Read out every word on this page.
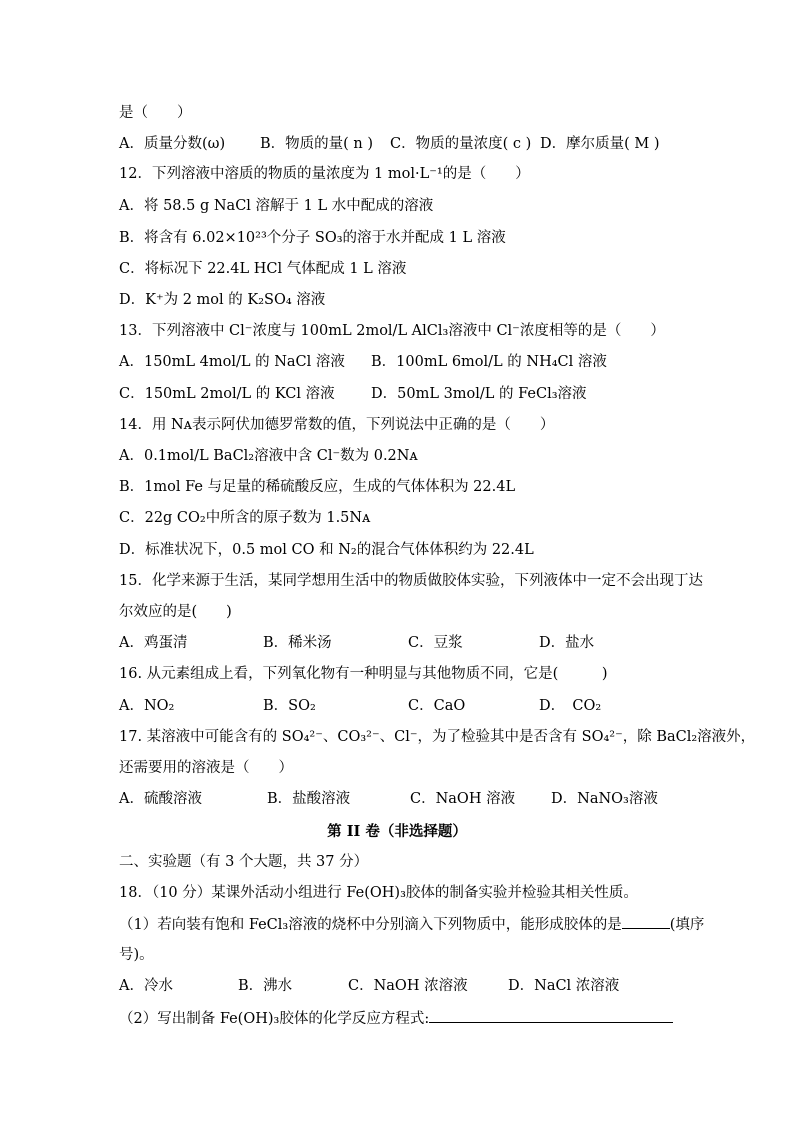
是（　　）
A．质量分数(ω) B．物质的量( n ) C．物质的量浓度( c ) D．摩尔质量( M )
12．下列溶液中溶质的物质的量浓度为 1 mol·L⁻¹的是（　　）
A．将 58.5 g NaCl 溶解于 1 L 水中配成的溶液
B．将含有 6.02×10²³个分子 SO₃的溶于水并配成 1 L 溶液
C．将标况下 22.4L HCl 气体配成 1 L 溶液
D．K⁺为 2 mol 的 K₂SO₄ 溶液
13．下列溶液中 Cl⁻浓度与 100mL 2mol/L AlCl₃溶液中 Cl⁻浓度相等的是（　　）
A．150mL 4mol/L 的 NaCl 溶液 B．100mL 6mol/L 的 NH₄Cl 溶液
C．150mL 2mol/L 的 KCl 溶液	D．50mL 3mol/L 的 FeCl₃溶液
14．用 Nᴀ表示阿伏加德罗常数的值，下列说法中正确的是（　　）
A．0.1mol/L BaCl₂溶液中含 Cl⁻数为 0.2Nᴀ
B．1mol Fe 与足量的稀硫酸反应，生成的气体体积为 22.4L
C．22g CO₂中所含的原子数为 1.5Nᴀ
D．标准状况下，0.5 mol CO 和 N₂的混合气体体积约为 22.4L
15．化学来源于生活，某同学想用生活中的物质做胶体实验，下列液体中一定不会出现丁达
尔效应的是(　　)
A．鸡蛋清	B．稀米汤	C．豆浆	D．盐水
16. 从元素组成上看，下列氧化物有一种明显与其他物质不同，它是(　　　)
A．NO₂	B．SO₂	C．CaO	D．　CO₂
17. 某溶液中可能含有的 SO₄²⁻、CO₃²⁻、Cl⁻，为了检验其中是否含有 SO₄²⁻，除 BaCl₂溶液外，
还需要用的溶液是（　　）
A．硫酸溶液	B．盐酸溶液	C．NaOH 溶液 D．NaNO₃溶液
第 II 卷（非选择题）
二、实验题（有 3 个大题，共 37 分）
18．（10 分）某课外活动小组进行 Fe(OH)₃胶体的制备实验并检验其相关性质。
（1）若向装有饱和 FeCl₃溶液的烧杯中分别滴入下列物质中，能形成胶体的是	(填序
号)。
A．冷水	B．沸水	C．NaOH 浓溶液	D．NaCl 浓溶液
（2）写出制备 Fe(OH)₃胶体的化学反应方程式:
